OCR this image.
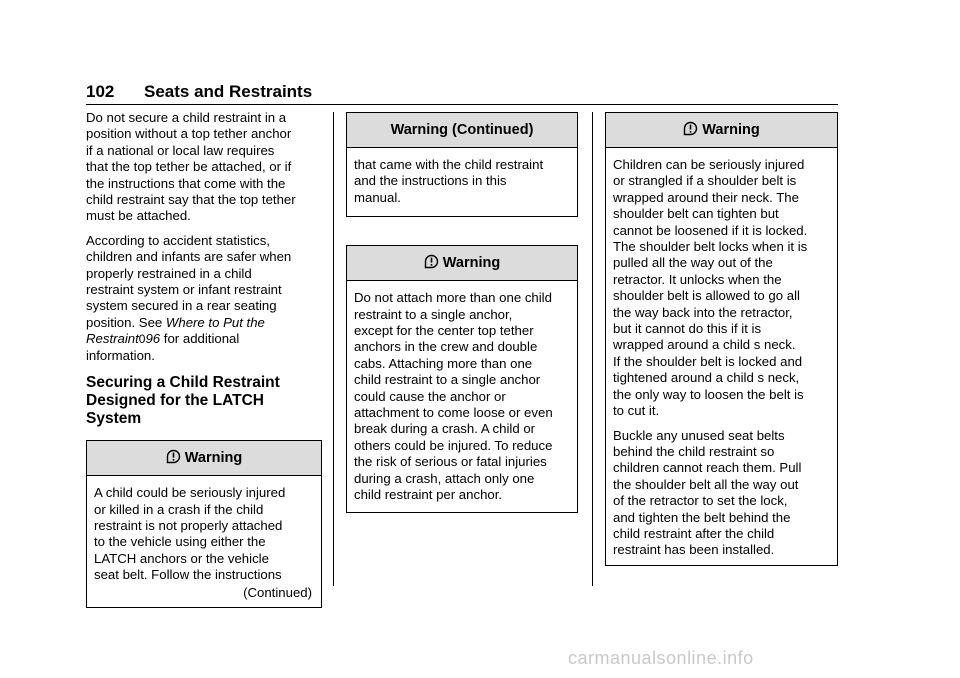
102 Seats and Restraints

Do not secure a child restraint in a
position without a top tether anchor
if a national or local law requires
that the top tether be attached, or if
the instructions that come with the
child restraint say that the top tether
must be attached.

According to accident statistics,
children and infants are safer when
properly restrained in a child
restraint system or infant restraint
system secured in a rear seating
position. See Where to Put the
Restraint096 for additional
information.

Securing a Child Restraint
Designed for the LATCH
System
Warning
A child could be seriously injured
or killed in a crash if the child
restraint is not properly attached
to the vehicle using either the
LATCH anchors or the vehicle
seat belt. Follow the instructions
(Continued)
Warning (Continued)
that came with the child restraint
and the instructions in this
manual.
Warning
Do not attach more than one child
restraint to a single anchor,
except for the center top tether
anchors in the crew and double
cabs. Attaching more than one
child restraint to a single anchor
could cause the anchor or
attachment to come loose or even
break during a crash. A child or
others could be injured. To reduce
the risk of serious or fatal injuries
during a crash, attach only one
child restraint per anchor.
Warning

Children can be seriously injured
or strangled if a shoulder belt is
wrapped around their neck. The
shoulder belt can tighten but
cannot be loosened if it is locked.
The shoulder belt locks when it is
pulled all the way out of the
retractor. It unlocks when the
shoulder belt is allowed to go all
the way back into the retractor,
but it cannot do this if it is
wrapped around a child s neck.
If the shoulder belt is locked and
tightened around a child s neck,
the only way to loosen the belt is
to cut it.

Buckle any unused seat belts
behind the child restraint so
children cannot reach them. Pull
the shoulder belt all the way out
of the retractor to set the lock,
and tighten the belt behind the
child restraint after the child
restraint has been installed.

carmanualsonline.info
